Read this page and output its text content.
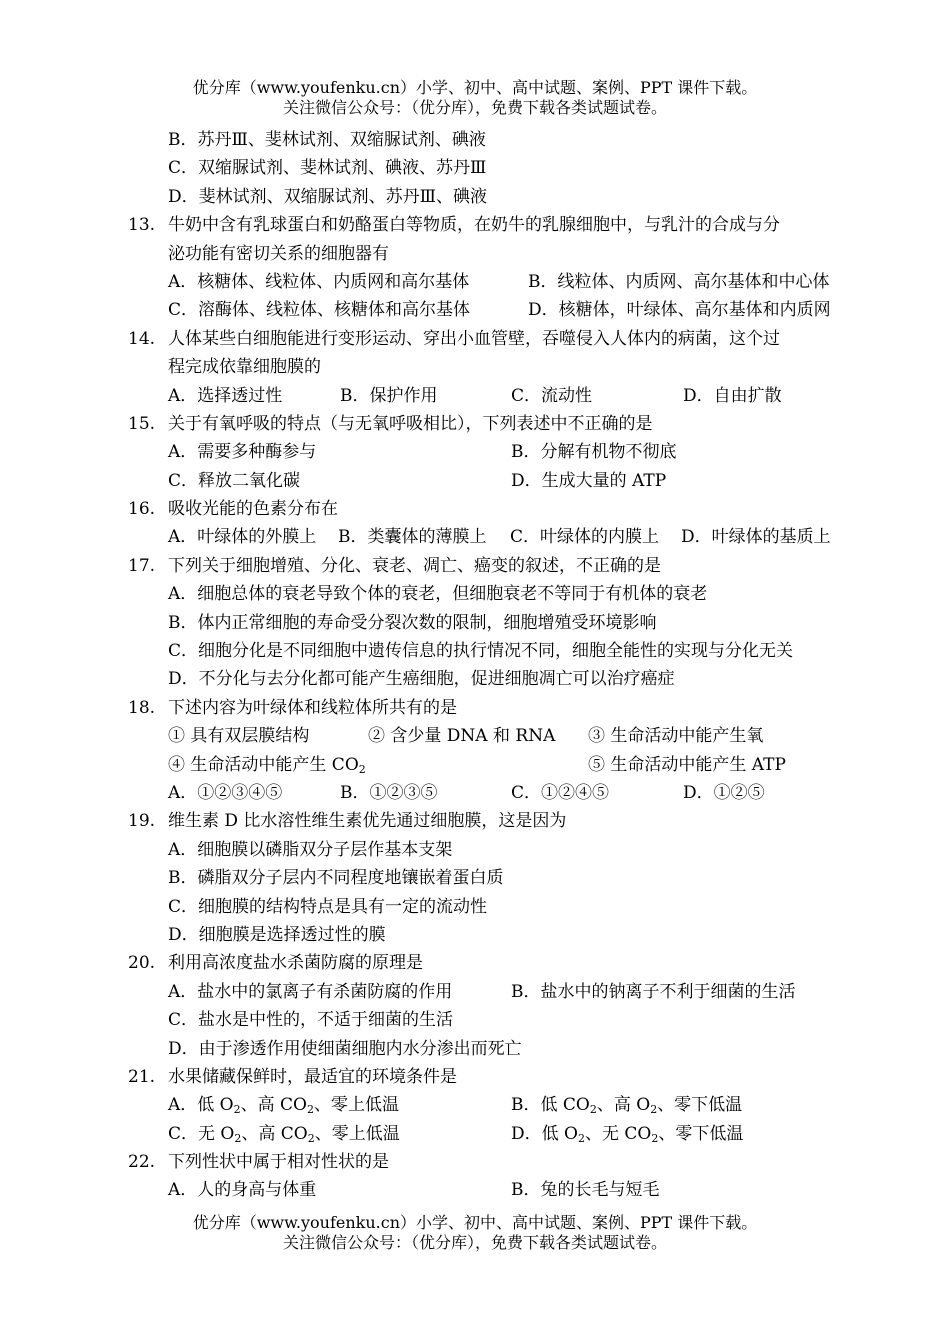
优分库（www.youfenku.cn）小学、初中、高中试题、案例、PPT 课件下载。
关注微信公众号：（优分库），免费下载各类试题试卷。
B．苏丹Ⅲ、斐林试剂、双缩脲试剂、碘液
C．双缩脲试剂、斐林试剂、碘液、苏丹Ⅲ
D．斐林试剂、双缩脲试剂、苏丹Ⅲ、碘液
13. 牛奶中含有乳球蛋白和奶酪蛋白等物质，在奶牛的乳腺细胞中，与乳汁的合成与分
泌功能有密切关系的细胞器有
A．核糖体、线粒体、内质网和高尔基体	B．线粒体、内质网、高尔基体和中心体
C．溶酶体、线粒体、核糖体和高尔基体	D．核糖体，叶绿体、高尔基体和内质网
14. 人体某些白细胞能进行变形运动、穿出小血管壁，吞噬侵入人体内的病菌，这个过
程完成依靠细胞膜的
A．选择透过性	B．保护作用	C．流动性	D．自由扩散
15. 关于有氧呼吸的特点（与无氧呼吸相比），下列表述中不正确的是
A．需要多种酶参与	B．分解有机物不彻底
C．释放二氧化碳	D．生成大量的 ATP
16. 吸收光能的色素分布在
A．叶绿体的外膜上 B．类囊体的薄膜上 C．叶绿体的内膜上 D．叶绿体的基质上
17. 下列关于细胞增殖、分化、衰老、凋亡、癌变的叙述，不正确的是
A．细胞总体的衰老导致个体的衰老，但细胞衰老不等同于有机体的衰老
B．体内正常细胞的寿命受分裂次数的限制，细胞增殖受环境影响
C．细胞分化是不同细胞中遗传信息的执行情况不同，细胞全能性的实现与分化无关
D．不分化与去分化都可能产生癌细胞，促进细胞凋亡可以治疗癌症
18. 下述内容为叶绿体和线粒体所共有的是
① 具有双层膜结构	② 含少量 DNA 和 RNA ③ 生命活动中能产生氧
④ 生命活动中能产生 $CO_2$	⑤ 生命活动中能产生 ATP
A．①②③④⑤	B．①②③⑤	C．①②④⑤	D．①②⑤
19. 维生素 D 比水溶性维生素优先通过细胞膜，这是因为
A．细胞膜以磷脂双分子层作基本支架
B．磷脂双分子层内不同程度地镶嵌着蛋白质
C．细胞膜的结构特点是具有一定的流动性
D．细胞膜是选择透过性的膜
20. 利用高浓度盐水杀菌防腐的原理是
A．盐水中的氯离子有杀菌防腐的作用	B．盐水中的钠离子不利于细菌的生活
C．盐水是中性的，不适于细菌的生活
D．由于渗透作用使细菌细胞内水分渗出而死亡
21. 水果储藏保鲜时，最适宜的环境条件是
A．低 $O_2$、高 $CO_2$、零上低温	B．低 $CO_2$、高 $O_2$、零下低温
C．无 $O_2$、高 $CO_2$、零上低温	D．低 $O_2$、无 $CO_2$、零下低温
22. 下列性状中属于相对性状的是
A．人的身高与体重	B．兔的长毛与短毛
优分库（www.youfenku.cn）小学、初中、高中试题、案例、PPT 课件下载。
关注微信公众号：（优分库），免费下载各类试题试卷。
